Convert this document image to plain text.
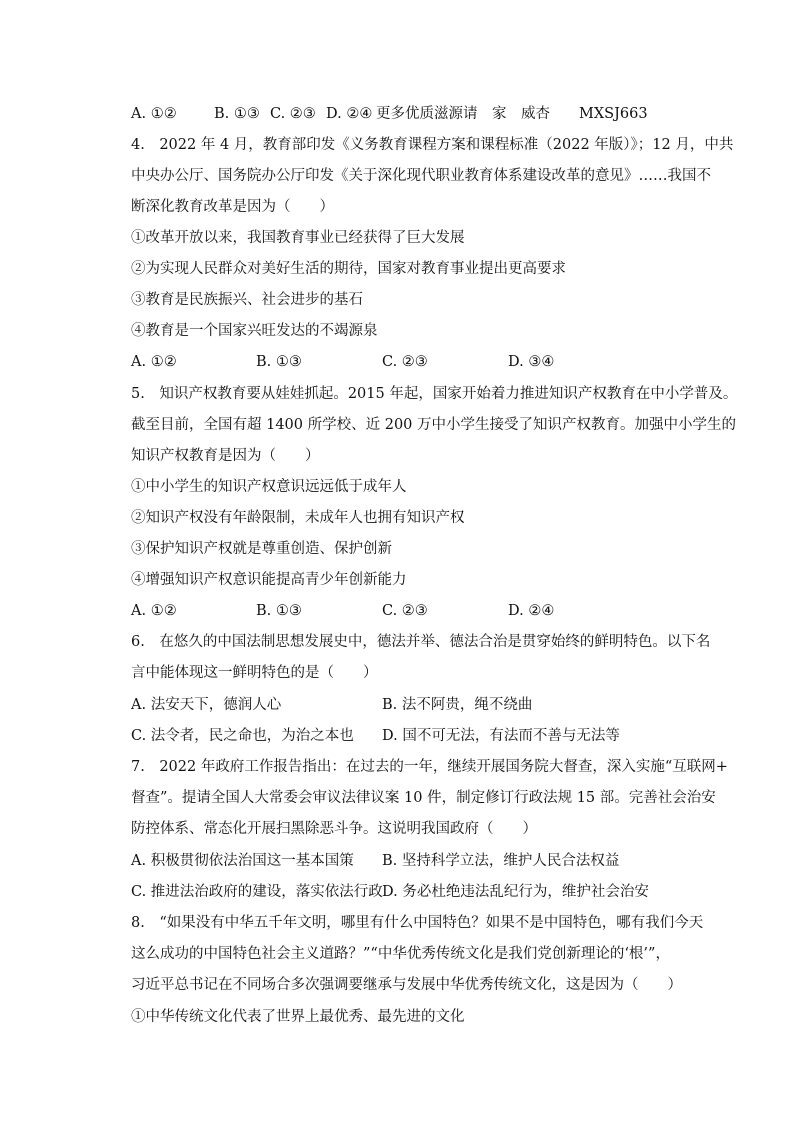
A. ①②	B. ①③ C. ②③ D. ②④ 更多优质滋源请　家　威杏　　MXSJ663
4.　2022 年 4 月，教育部印发《义务教育课程方案和课程标准（2022 年版）》；12 月，中共
中央办公厅、国务院办公厅印发《关于深化现代职业教育体系建设改革的意见》……我国不
断深化教育改革是因为（　　）
①改革开放以来，我国教育事业已经获得了巨大发展
②为实现人民群众对美好生活的期待，国家对教育事业提出更高要求
③教育是民族振兴、社会进步的基石
④教育是一个国家兴旺发达的不竭源泉
A. ①②	B. ①③	C. ②③	D. ③④
5.　知识产权教育要从娃娃抓起。2015 年起，国家开始着力推进知识产权教育在中小学普及。
截至目前，全国有超 1400 所学校、近 200 万中小学生接受了知识产权教育。加强中小学生的
知识产权教育是因为（　　）
①中小学生的知识产权意识远远低于成年人
②知识产权没有年龄限制，未成年人也拥有知识产权
③保护知识产权就是尊重创造、保护创新
④增强知识产权意识能提高青少年创新能力
A. ①②	B. ①③	C. ②③	D. ②④
6.　在悠久的中国法制思想发展史中，德法并举、德法合治是贯穿始终的鲜明特色。以下名
言中能体现这一鲜明特色的是（　　）
A. 法安天下，德润人心	B. 法不阿贵，绳不绕曲
C. 法令者，民之命也，为治之本也 D. 国不可无法，有法而不善与无法等
7.　2022 年政府工作报告指出：在过去的一年，继续开展国务院大督查，深入实施“互联网+
督查”。提请全国人大常委会审议法律议案 10 件，制定修订行政法规 15 部。完善社会治安
防控体系、常态化开展扫黑除恶斗争。这说明我国政府（　　）
A. 积极贯彻依法治国这一基本国策 B. 坚持科学立法，维护人民合法权益
C. 推进法治政府的建设，落实依法行政 D. 务必杜绝违法乱纪行为，维护社会治安
8.　“如果没有中华五千年文明，哪里有什么中国特色？如果不是中国特色，哪有我们今天
这么成功的中国特色社会主义道路？”“中华优秀传统文化是我们党创新理论的‘根’”，
习近平总书记在不同场合多次强调要继承与发展中华优秀传统文化，这是因为（　　）
①中华传统文化代表了世界上最优秀、最先进的文化
